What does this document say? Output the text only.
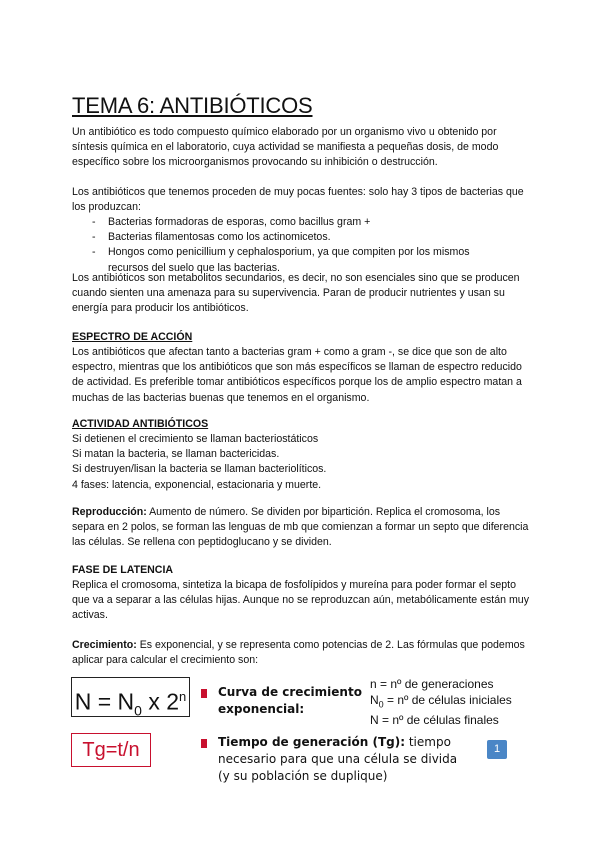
TEMA 6: ANTIBIÓTICOS

Un antibiótico es todo compuesto químico elaborado por un organismo vivo u obtenido por síntesis química en el laboratorio, cuya actividad se manifiesta a pequeñas dosis, de modo específico sobre los microorganismos provocando su inhibición o destrucción.

Los antibióticos que tenemos proceden de muy pocas fuentes: solo hay 3 tipos de bacterias que los produzcan:

- Bacterias formadoras de esporas, como bacillus gram +
- Bacterias filamentosas como los actinomicetos.
- Hongos como penicillium y cephalosporium, ya que compiten por los mismos recursos del suelo que las bacterias.

Los antibióticos son metabolitos secundarios, es decir, no son esenciales sino que se producen cuando sienten una amenaza para su supervivencia. Paran de producir nutrientes y usan su energía para producir los antibióticos.

ESPECTRO DE ACCIÓN

Los antibióticos que afectan tanto a bacterias gram + como a gram -, se dice que son de alto espectro, mientras que los antibióticos que son más específicos se llaman de espectro reducido de actividad. Es preferible tomar antibióticos específicos porque los de amplio espectro matan a muchas de las bacterias buenas que tenemos en el organismo.

ACTIVIDAD ANTIBIÓTICOS
Si detienen el crecimiento se llaman bacteriostáticos
Si matan la bacteria, se llaman bactericidas.
Si destruyen/lisan la bacteria se llaman bacteriolíticos.
4 fases: latencia, exponencial, estacionaria y muerte.

Reproducción: Aumento de número. Se dividen por bipartición. Replica el cromosoma, los separa en 2 polos, se forman las lenguas de mb que comienzan a formar un septo que diferencia las células. Se rellena con peptidoglucano y se dividen.

FASE DE LATENCIA

Replica el cromosoma, sintetiza la bicapa de fosfolípidos y mureína para poder formar el septo que va a separar a las células hijas. Aunque no se reproduzcan aún, metabólicamente están muy activas.

Crecimiento: Es exponencial, y se representa como potencias de 2. Las fórmulas que podemos aplicar para calcular el crecimiento son:

$N = N_0$ x 2$^n$	Curva de crecimiento
exponencial:
n = nº de generaciones
$N_0$ = nº de células iniciales
N = nº de células finales
Tg=t/n	Tiempo de generación (Tg): tiempo
necesario para que una célula se divida
(y su población se duplique)
1
